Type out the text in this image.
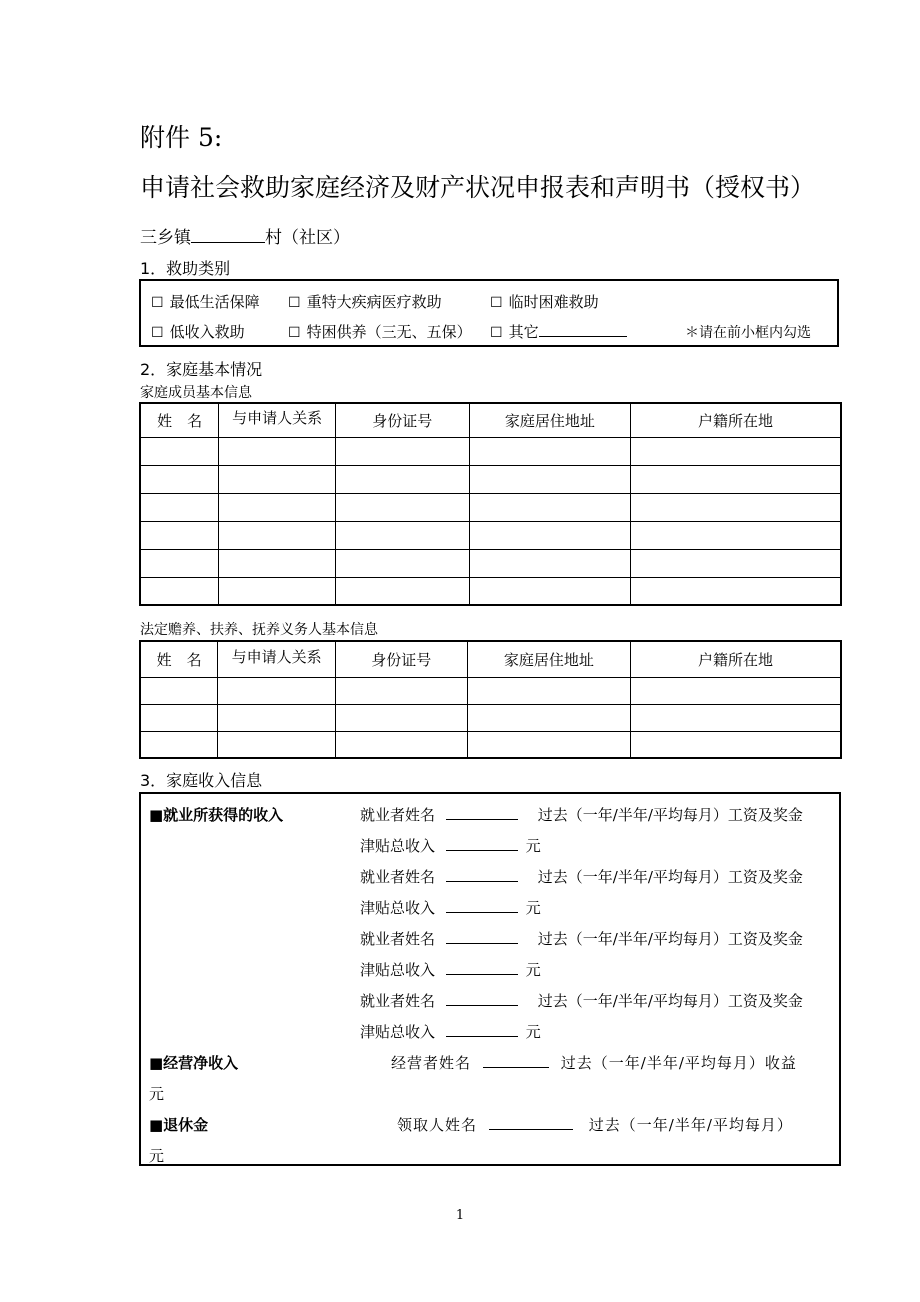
附件 5:
申请社会救助家庭经济及财产状况申报表和声明书（授权书）
三乡镇	村（社区）
1．救助类别
☐ 最低生活保障 ☐ 重特大疾病医疗救助	☐ 临时困难救助
☐ 低收入救助	☐ 特困供养（三无、五保） ☐ 其它	＊请在前小框内勾选
2．家庭基本情况
家庭成员基本信息
姓　名	与申请人关系	身份证号	家庭居住地址	户籍所在地

法定赡养、扶养、抚养义务人基本信息
姓　名	与申请人关系	身份证号	家庭居住地址	户籍所在地

3．家庭收入信息
■就业所获得的收入	就业者姓名	过去（一年/半年/平均每月）工资及奖金
津贴总收入	元
就业者姓名	过去（一年/半年/平均每月）工资及奖金
津贴总收入	元
就业者姓名	过去（一年/半年/平均每月）工资及奖金
津贴总收入	元
就业者姓名	过去（一年/半年/平均每月）工资及奖金
津贴总收入	元
■经营净收入	经营者姓名	过去（一年/半年/平均每月）收益
元
■退休金	领取人姓名	过去（一年/半年/平均每月）
元
1
